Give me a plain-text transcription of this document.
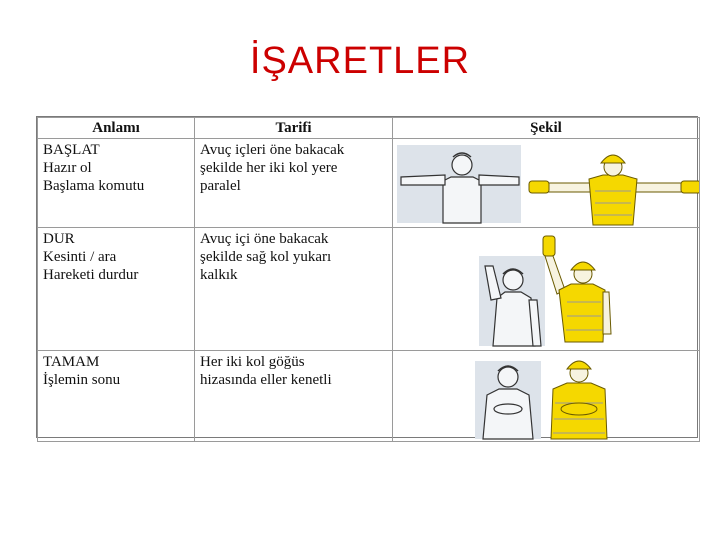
İŞARETLER
Anlamı	Tarifi	Şekil

BAŞLAT
Hazır ol
Başlama komutu	Avuç içleri öne bakacak
şekilde her iki kol yere
paralel

DUR
Kesinti / ara
Hareketi durdur	Avuç içi öne bakacak
şekilde sağ kol yukarı
kalkık

TAMAM
İşlemin sonu	Her iki kol göğüs
hizasında eller kenetli
